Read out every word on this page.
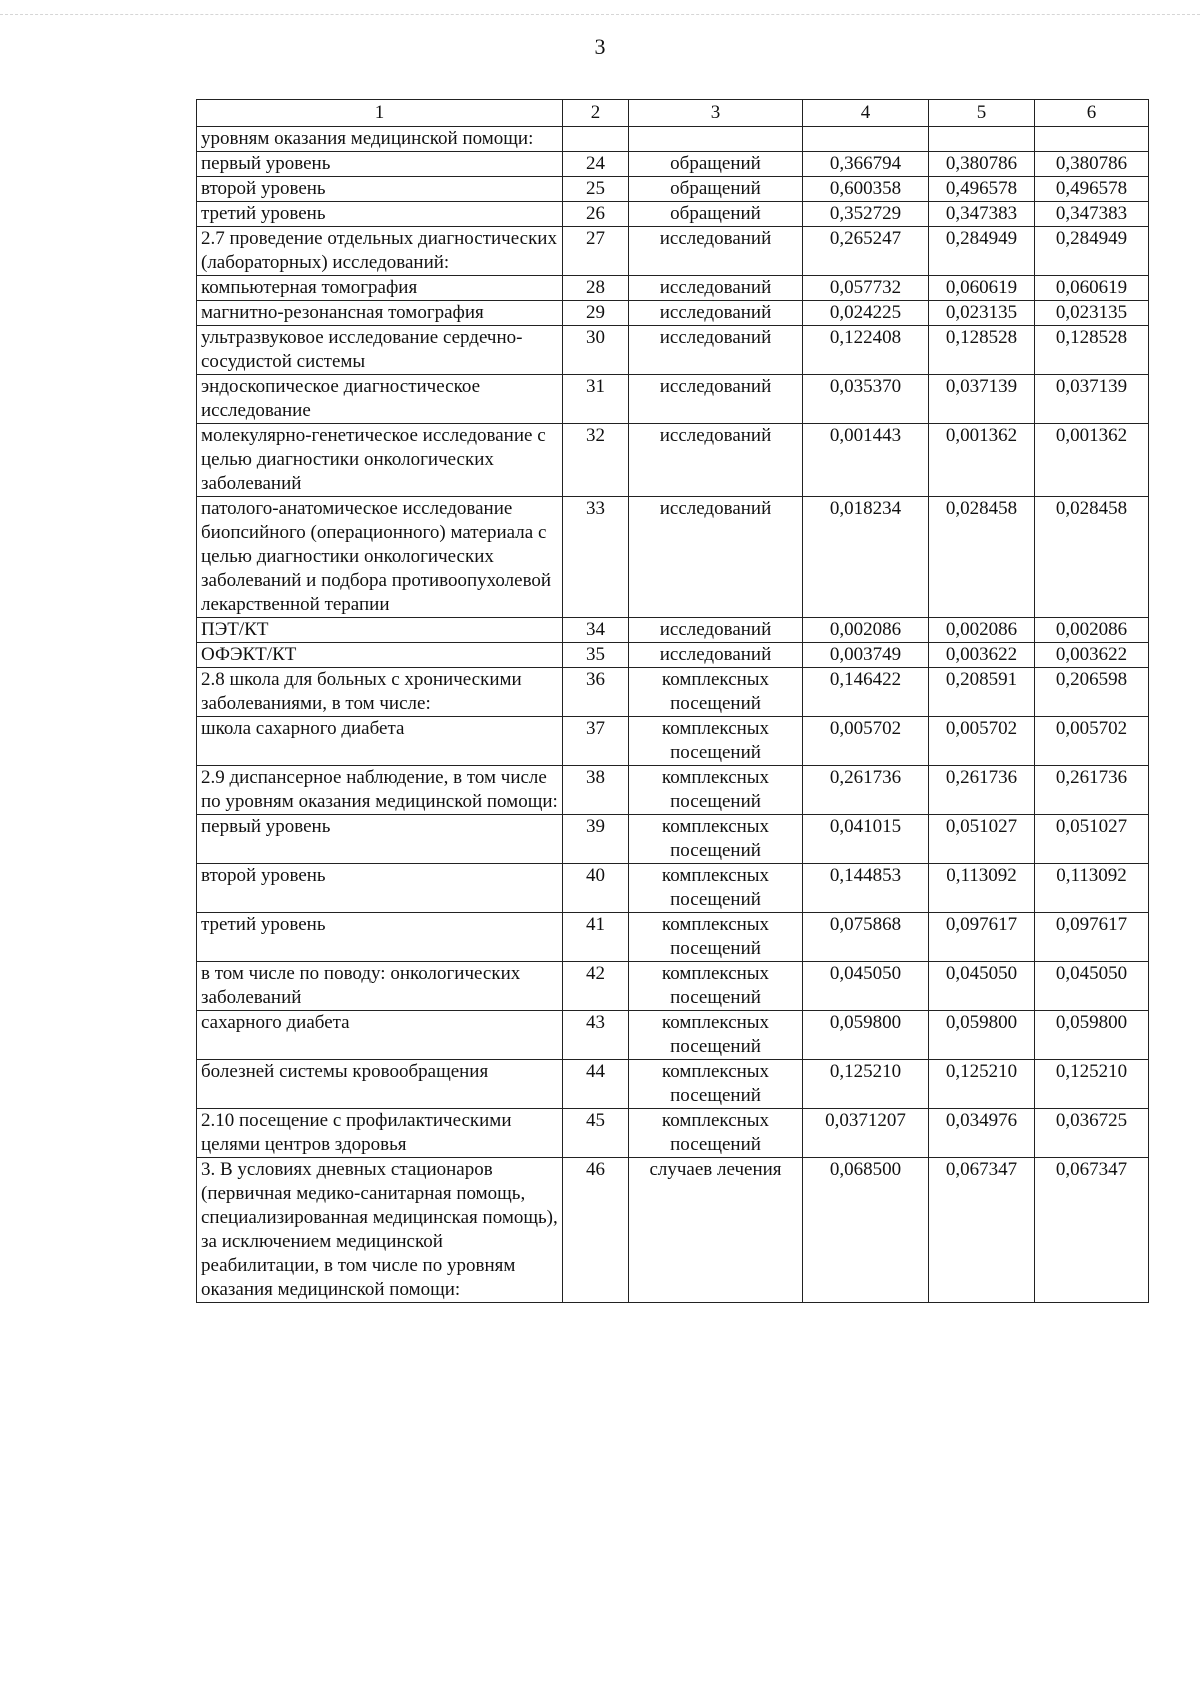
3
1	2	3	4	5	6
уровням оказания медицинской помощи:					
первый уровень	24	обращений	0,366794	0,380786	0,380786
второй уровень	25	обращений	0,600358	0,496578	0,496578
третий уровень	26	обращений	0,352729	0,347383	0,347383
2.7 проведение отдельных диагностических (лабораторных) исследований:	27	исследований	0,265247	0,284949	0,284949
компьютерная томография	28	исследований	0,057732	0,060619	0,060619
магнитно-резонансная томография	29	исследований	0,024225	0,023135	0,023135
ультразвуковое исследование сердечно-сосудистой системы	30	исследований	0,122408	0,128528	0,128528
эндоскопическое диагностическое исследование	31	исследований	0,035370	0,037139	0,037139
молекулярно-генетическое исследование с целью диагностики онкологических заболеваний	32	исследований	0,001443	0,001362	0,001362
патолого-анатомическое исследование биопсийного (операционного) материала с целью диагностики онкологических заболеваний и подбора противоопухолевой лекарственной терапии	33	исследований	0,018234	0,028458	0,028458
ПЭТ/КТ	34	исследований	0,002086	0,002086	0,002086
ОФЭКТ/КТ	35	исследований	0,003749	0,003622	0,003622
2.8 школа для больных с хроническими заболеваниями, в том числе:	36	комплексных посещений	0,146422	0,208591	0,206598
школа сахарного диабета	37	комплексных посещений	0,005702	0,005702	0,005702
2.9 диспансерное наблюдение, в том числе по уровням оказания медицинской помощи:	38	комплексных посещений	0,261736	0,261736	0,261736
первый уровень	39	комплексных посещений	0,041015	0,051027	0,051027
второй уровень	40	комплексных посещений	0,144853	0,113092	0,113092
третий уровень	41	комплексных посещений	0,075868	0,097617	0,097617
в том числе по поводу: онкологических заболеваний	42	комплексных посещений	0,045050	0,045050	0,045050
сахарного диабета	43	комплексных посещений	0,059800	0,059800	0,059800
болезней системы кровообращения	44	комплексных посещений	0,125210	0,125210	0,125210
2.10 посещение с профилактическими целями центров здоровья	45	комплексных посещений	0,0371207	0,034976	0,036725
3. В условиях дневных стационаров (первичная медико-санитарная помощь, специализированная медицинская помощь), за исключением медицинской реабилитации, в том числе по уровням оказания медицинской помощи:	46	случаев лечения	0,068500	0,067347	0,067347
